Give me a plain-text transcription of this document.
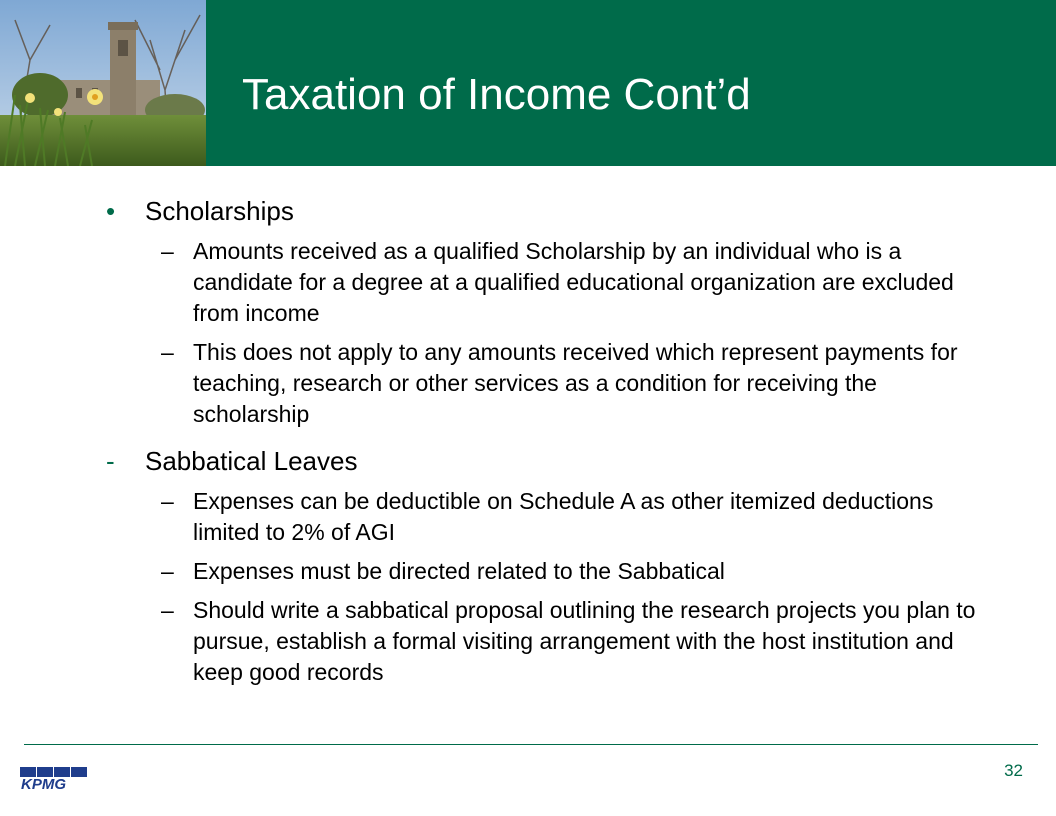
Taxation of Income Cont’d
• Scholarships
– Amounts received as a qualified Scholarship by an individual who is a candidate for a degree at a qualified educational organization are excluded from income
– This does not apply to any amounts received which represent payments for teaching, research or other services as a condition for receiving the scholarship
- Sabbatical Leaves
– Expenses can be deductible on Schedule A as other itemized deductions limited to 2% of AGI
– Expenses must be directed related to the Sabbatical
– Should write a sabbatical proposal outlining the research projects you plan to pursue, establish a formal visiting arrangement with the host institution and keep good records
KPMG
32
